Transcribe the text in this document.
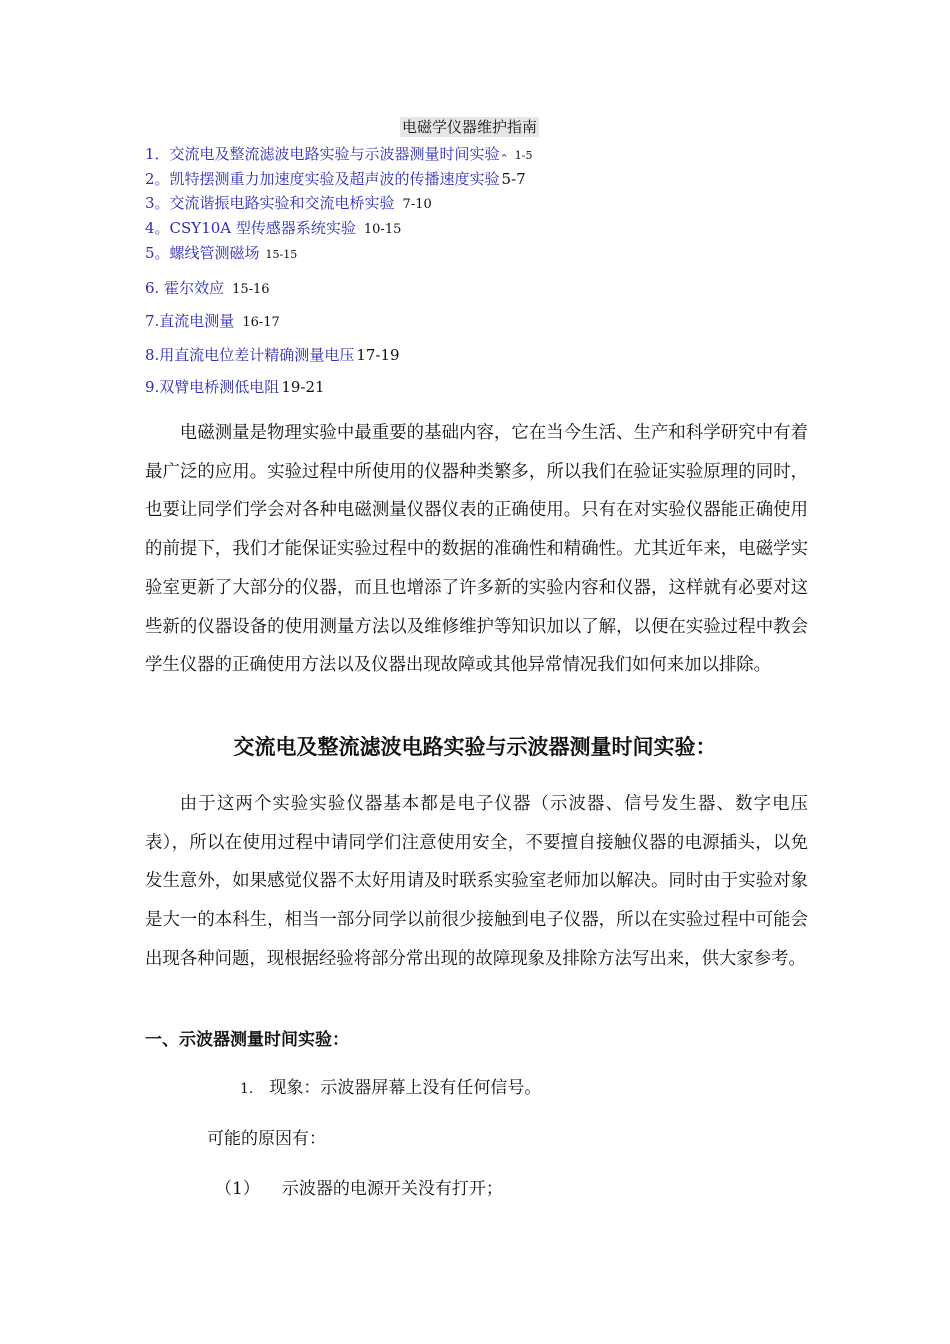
电磁学仪器维护指南
1．交流电及整流滤波电路实验与示波器测量时间实验$_⌃$ 1-5
2。凯特摆测重力加速度实验及超声波的传播速度实验 5-7
3。交流谐振电路实验和交流电桥实验 7-10
4。CSY10A 型传感器系统实验 10-15
5。螺线管测磁场 15-15
6. 霍尔效应 15-16
7.直流电测量 16-17
8.用直流电位差计精确测量电压 17-19
9.双臂电桥测低电阻 19-21

电磁测量是物理实验中最重要的基础内容，它在当今生活、生产和科学研究中有着最广泛的应用。实验过程中所使用的仪器种类繁多，所以我们在验证实验原理的同时，也要让同学们学会对各种电磁测量仪器仪表的正确使用。只有在对实验仪器能正确使用的前提下，我们才能保证实验过程中的数据的准确性和精确性。尤其近年来，电磁学实验室更新了大部分的仪器，而且也增添了许多新的实验内容和仪器，这样就有必要对这些新的仪器设备的使用测量方法以及维修维护等知识加以了解，以便在实验过程中教会学生仪器的正确使用方法以及仪器出现故障或其他异常情况我们如何来加以排除。

交流电及整流滤波电路实验与示波器测量时间实验：

由于这两个实验实验仪器基本都是电子仪器（示波器、信号发生器、数字电压表），所以在使用过程中请同学们注意使用安全，不要擅自接触仪器的电源插头，以免发生意外，如果感觉仪器不太好用请及时联系实验室老师加以解决。同时由于实验对象是大一的本科生，相当一部分同学以前很少接触到电子仪器，所以在实验过程中可能会出现各种问题，现根据经验将部分常出现的故障现象及排除方法写出来，供大家参考。

一、示波器测量时间实验：
1. 现象：示波器屏幕上没有任何信号。
可能的原因有：
（1） 示波器的电源开关没有打开；
